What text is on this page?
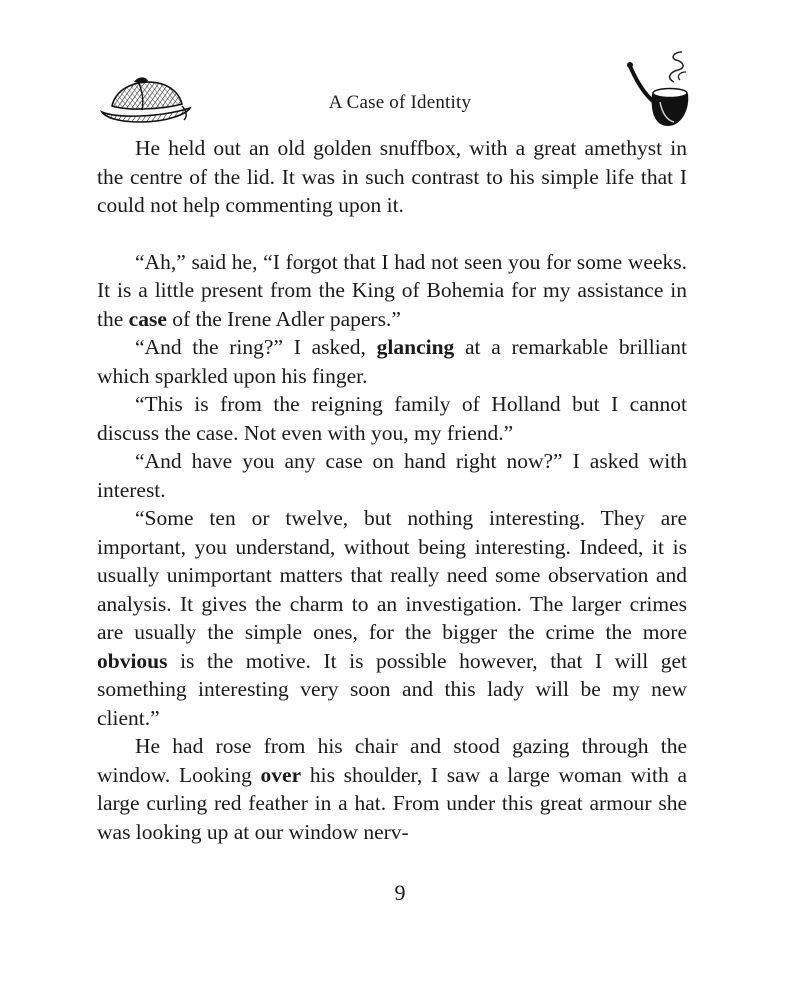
A Case of Identity

He held out an old golden snuffbox, with a great amethyst in the centre of the lid. It was in such contrast to his simple life that I could not help commenting upon it.

“Ah,” said he, “I forgot that I had not seen you for some weeks. It is a little present from the King of Bohemia for my assistance in the case of the Irene Adler papers.”

“And the ring?” I asked, glancing at a remarkable brilliant which sparkled upon his finger.

“This is from the reigning family of Holland but I cannot discuss the case. Not even with you, my friend.”

“And have you any case on hand right now?” I asked with interest.

“Some ten or twelve, but nothing interesting. They are important, you understand, without being interesting. Indeed, it is usually unimportant matters that really need some observation and analysis. It gives the charm to an investigation. The larger crimes are usually the simple ones, for the bigger the crime the more obvious is the motive. It is possible however, that I will get something interesting very soon and this lady will be my new client.”

He had rose from his chair and stood gazing through the window. Looking over his shoulder, I saw a large woman with a large curling red feather in a hat. From under this great armour she was looking up at our window nerv-

9
